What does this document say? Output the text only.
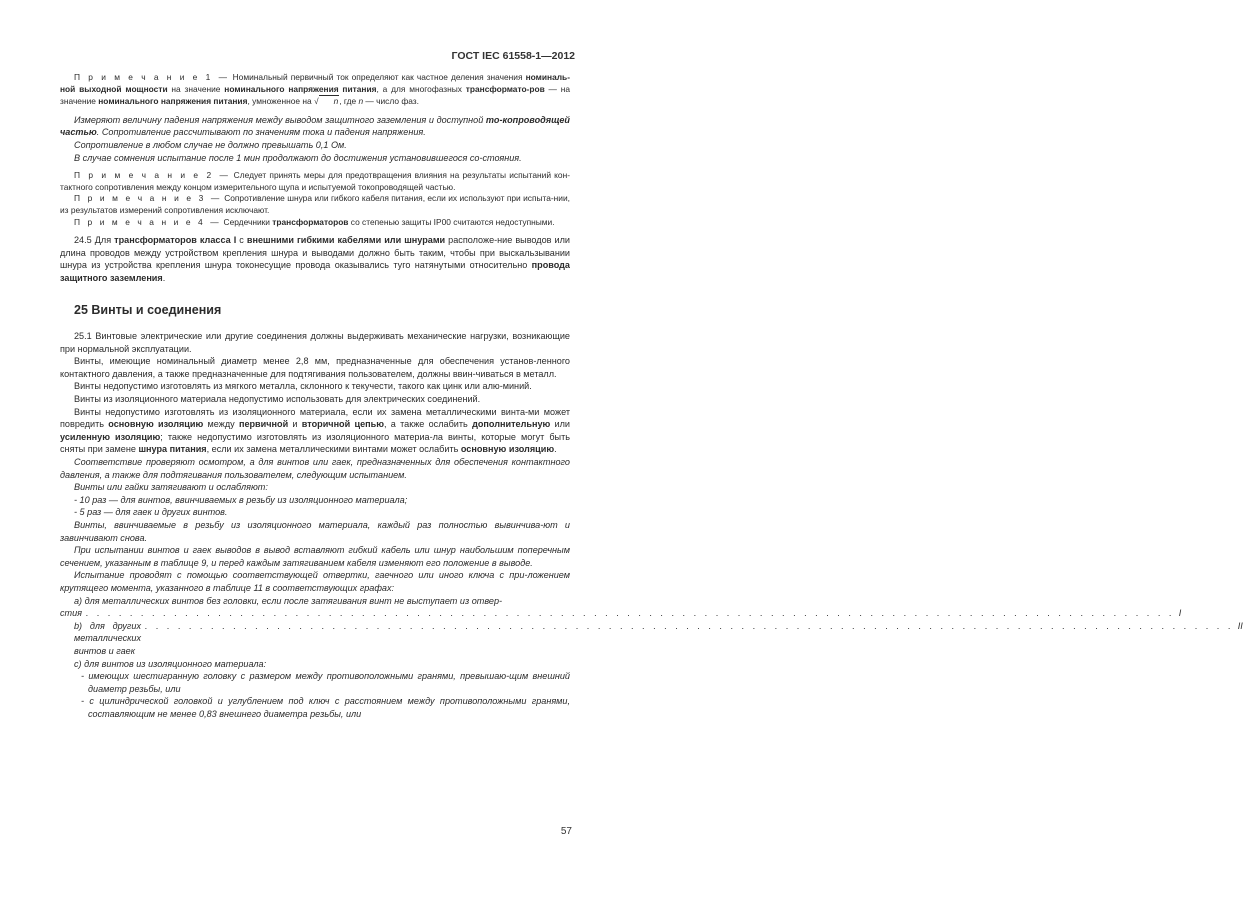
ГОСТ IEC 61558-1—2012

П р и м е ч а н и е 1 — Номинальный первичный ток определяют как частное деления значения номиналь-ной выходной мощности на значение номинального напряжения питания, а для многофазных трансформато-ров — на значение номинального напряжения питания, умноженное на √ n, где n — число фаз.

Измеряют величину падения напряжения между выводом защитного заземления и доступной то-копроводящей частью. Сопротивление рассчитывают по значениям тока и падения напряжения.

Сопротивление в любом случае не должно превышать 0,1 Ом.

В случае сомнения испытание после 1 мин продолжают до достижения установившегося со-стояния.

П р и м е ч а н и е 2 — Следует принять меры для предотвращения влияния на результаты испытаний кон-тактного сопротивления между концом измерительного щупа и испытуемой токопроводящей частью.

П р и м е ч а н и е 3 — Сопротивление шнура или гибкого кабеля питания, если их используют при испыта-нии, из результатов измерений сопротивления исключают.

П р и м е ч а н и е 4 — Сердечники трансформаторов со степенью защиты IP00 считаются недоступными.

24.5 Для трансформаторов класса I с внешними гибкими кабелями или шнурами расположе-ние выводов или длина проводов между устройством крепления шнура и выводами должно быть таким, чтобы при выскальзывании шнура из устройства крепления шнура токонесущие провода оказывались туго натянутыми относительно провода защитного заземления.

25 Винты и соединения

25.1 Винтовые электрические или другие соединения должны выдерживать механические нагрузки, возникающие при нормальной эксплуатации.

Винты, имеющие номинальный диаметр менее 2,8 мм, предназначенные для обеспечения установ-ленного контактного давления, а также предназначенные для подтягивания пользователем, должны ввин-чиваться в металл.

Винты недопустимо изготовлять из мягкого металла, склонного к текучести, такого как цинк или алю-миний.

Винты из изоляционного материала недопустимо использовать для электрических соединений.

Винты недопустимо изготовлять из изоляционного материала, если их замена металлическими винта-ми может повредить основную изоляцию между первичной и вторичной цепью, а также ослабить дополнительную или усиленную изоляцию; также недопустимо изготовлять из изоляционного материа-ла винты, которые могут быть сняты при замене шнура питания, если их замена металлическими винтами может ослабить основную изоляцию.

Соответствие проверяют осмотром, а для винтов или гаек, предназначенных для обеспечения контактного давления, а также для подтягивания пользователем, следующим испытанием.

Винты или гайки затягивают и ослабляют:

- 10 раз — для винтов, ввинчиваемых в резьбу из изоляционного материала;

- 5 раз — для гаек и других винтов.

Винты, ввинчиваемые в резьбу из изоляционного материала, каждый раз полностью вывинчива-ют и завинчивают снова.

При испытании винтов и гаек выводов в вывод вставляют гибкий кабель или шнур наибольшим поперечным сечением, указанным в таблице 9, и перед каждым затягиванием кабеля изменяют его положение в выводе.

Испытание проводят с помощью соответствующей отвертки, гаечного или иного ключа с при-ложением крутящего момента, указанного в таблице 11 в соответствующих графах:

а) для металлических винтов без головки, если после затягивания винт не выступает из отвер-

стия . . . . . . . . . . . . . . . . . . . . . . . . . . . . . . . . . . . . . . . . . . . . . . . . . . . . . . . . . . . . . . . . . . . . . . . . . . . . . . . . . . . . . . . . . . . . . . . . . . . I
b) для других металлических винтов и гаек
. . . . . . . . . . . . . . . . . . . . . . . . . . . . . . . . . . . . . . . . . . . . . . . . . . . . . . . . . . . . . . . . . . . . . . . . . . . . . . . . . . . . . . . . . . . . . . . . . . . II

с) для винтов из изоляционного материала:

- имеющих шестигранную головку с размером между противоположными гранями, превышаю-щим внешний диаметр резьбы, или

- с цилиндрической головкой и углублением под ключ с расстоянием между противоположными гранями, составляющим не менее 0,83 внешнего диаметра резьбы, или

57
